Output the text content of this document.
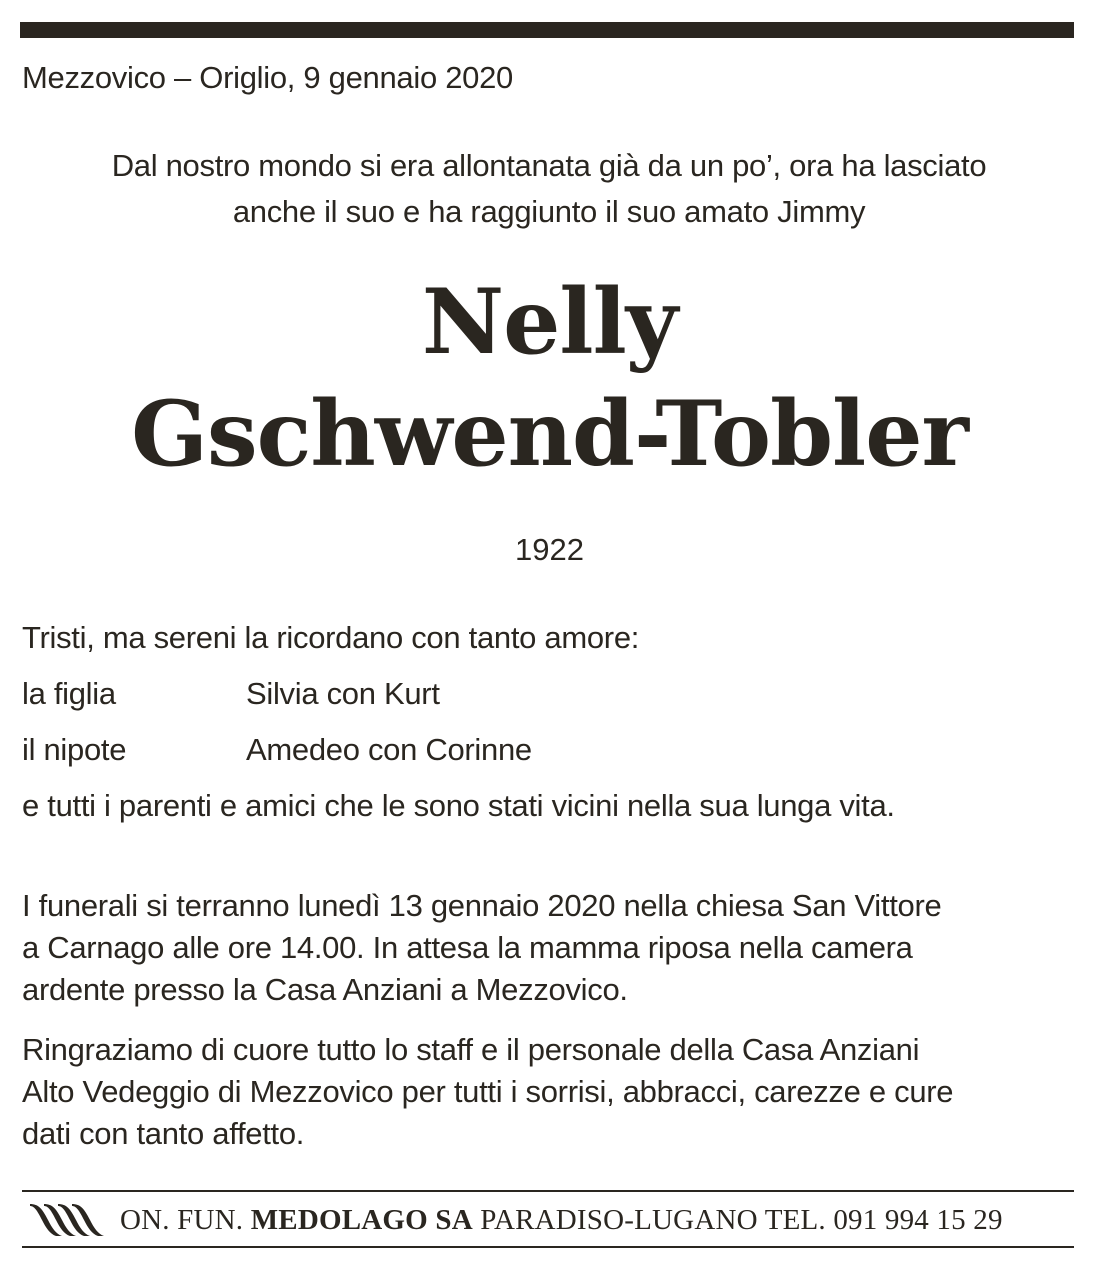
Mezzovico – Origlio, 9 gennaio 2020
Dal nostro mondo si era allontanata già da un po’, ora ha lasciato
anche il suo e ha raggiunto il suo amato Jimmy
Nelly
Gschwend-Tobler
1922
Tristi, ma sereni la ricordano con tanto amore:
la figlia	Silvia con Kurt
il nipote	Amedeo con Corinne
e tutti i parenti e amici che le sono stati vicini nella sua lunga vita.
I funerali si terranno lunedì 13 gennaio 2020 nella chiesa San Vittore
a Carnago alle ore 14.00. In attesa la mamma riposa nella camera
ardente presso la Casa Anziani a Mezzovico.
Ringraziamo di cuore tutto lo staff e il personale della Casa Anziani
Alto Vedeggio di Mezzovico per tutti i sorrisi, abbracci, carezze e cure
dati con tanto affetto.
ON. FUN. MEDOLAGO SA PARADISO-LUGANO TEL. 091 994 15 29
